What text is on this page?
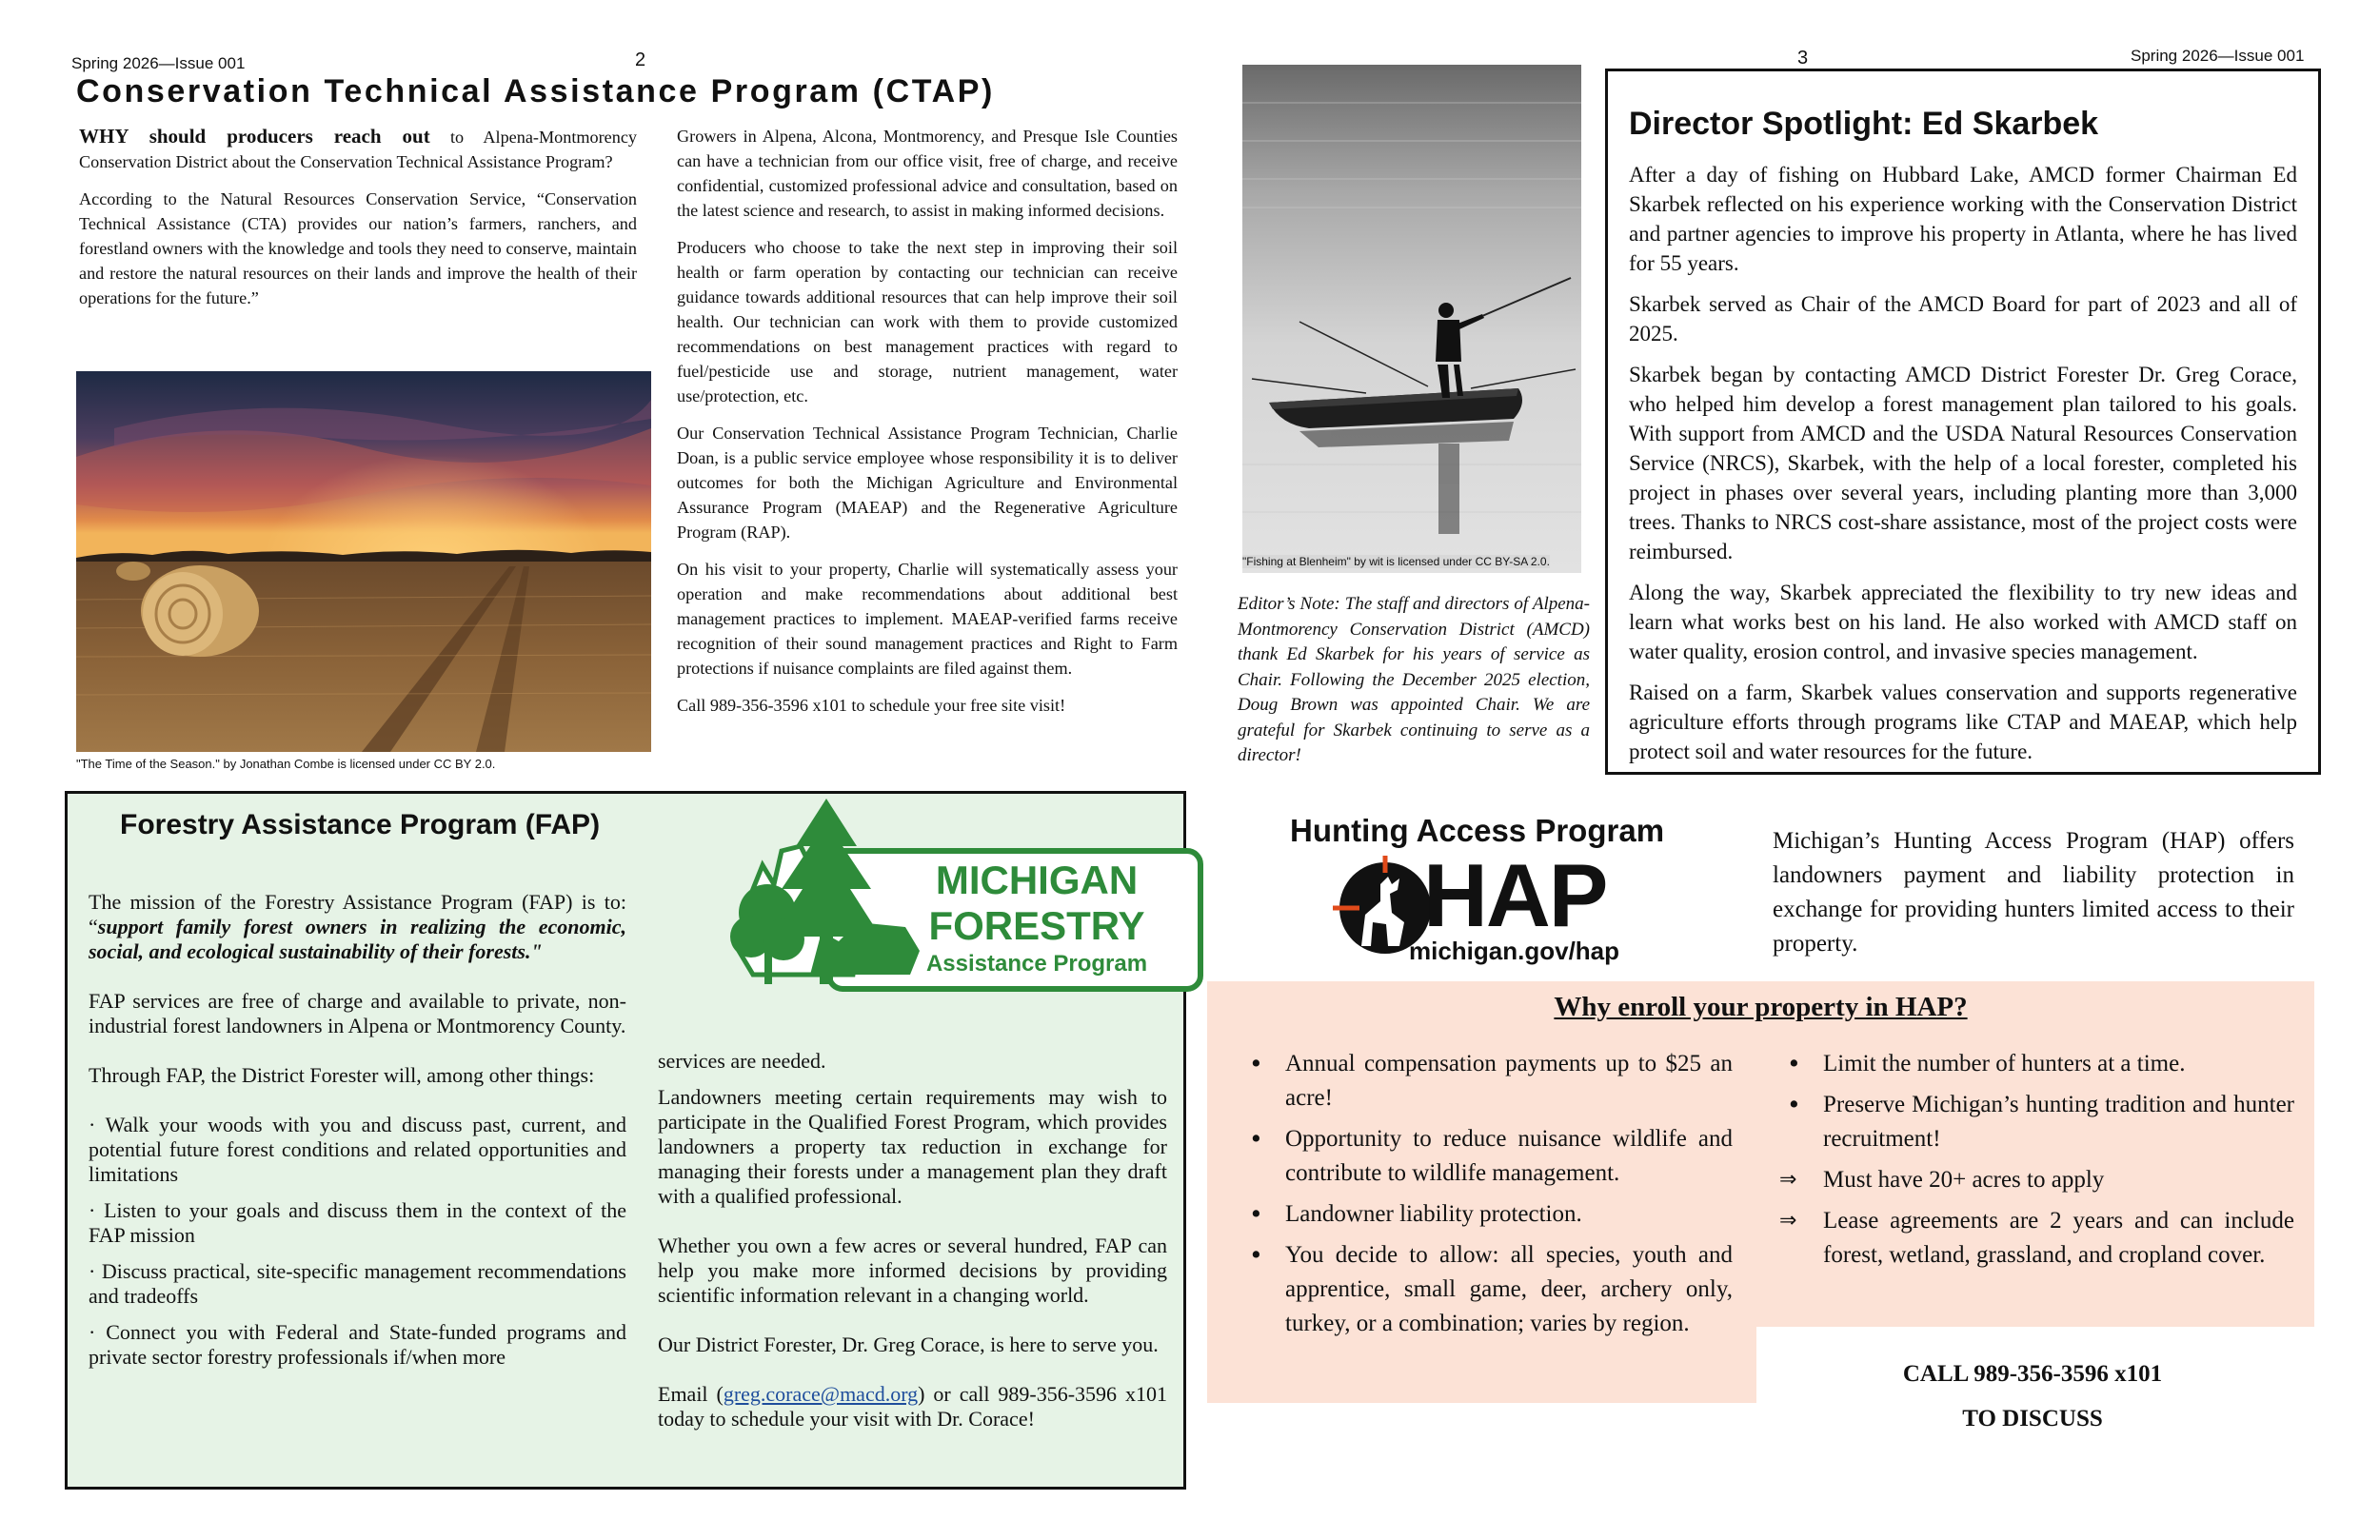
Spring 2026—Issue 001	2	3	Spring 2026—Issue 001
Conservation Technical Assistance Program (CTAP)

WHY should producers reach out to Alpena-Montmorency Conservation District about the Conservation Technical Assistance Program?

According to the Natural Resources Conservation Service, “Conservation Technical Assistance (CTA) provides our nation’s farmers, ranchers, and forestland owners with the knowledge and tools they need to conserve, maintain and restore the natural resources on their lands and improve the health of their operations for the future.”

"The Time of the Season." by Jonathan Combe is licensed under CC BY 2.0.

Growers in Alpena, Alcona, Montmorency, and Presque Isle Counties can have a technician from our office visit, free of charge, and receive confidential, customized professional advice and consultation, based on the latest science and research, to assist in making informed decisions.

Producers who choose to take the next step in improving their soil health or farm operation by contacting our technician can receive guidance towards additional resources that can help improve their soil health. Our technician can work with them to provide customized recommendations on best management practices with regard to fuel/pesticide use and storage, nutrient management, water use/protection, etc.

Our Conservation Technical Assistance Program Technician, Charlie Doan, is a public service employee whose responsibility it is to deliver outcomes for both the Michigan Agriculture and Environmental Assurance Program (MAEAP) and the Regenerative Agriculture Program (RAP).

On his visit to your property, Charlie will systematically assess your operation and make recommendations about additional best management practices to implement. MAEAP-verified farms receive recognition of their sound management practices and Right to Farm protections if nuisance complaints are filed against them.

Call 989-356-3596 x101 to schedule your free site visit!

"Fishing at Blenheim" by wit is licensed under CC BY-SA 2.0.
Editor’s Note: The staff and directors of Alpena-Montmorency Conservation District (AMCD) thank Ed Skarbek for his years of service as Chair. Following the December 2025 election, Doug Brown was appointed Chair. We are grateful for Skarbek continuing to serve as a director!
Director Spotlight: Ed Skarbek

After a day of fishing on Hubbard Lake, AMCD former Chairman Ed Skarbek reflected on his experience working with the Conservation District and partner agencies to improve his property in Atlanta, where he has lived for 55 years.

Skarbek served as Chair of the AMCD Board for part of 2023 and all of 2025.

Skarbek began by contacting AMCD District Forester Dr. Greg Corace, who helped him develop a forest management plan tailored to his goals. With support from AMCD and the USDA Natural Resources Conservation Service (NRCS), Skarbek, with the help of a local forester, completed his project in phases over several years, including planting more than 3,000 trees. Thanks to NRCS cost-share assistance, most of the project costs were reimbursed.

Along the way, Skarbek appreciated the flexibility to try new ideas and learn what works best on his land. He also worked with AMCD staff on water quality, erosion control, and invasive species management.

Raised on a farm, Skarbek values conservation and supports regenerative agriculture efforts through programs like CTAP and MAEAP, which help protect soil and water resources for the future.

Forestry Assistance Program (FAP)
MICHIGAN
FORESTRY
Assistance Program

The mission of the Forestry Assistance Program (FAP) is to: “support family forest owners in realizing the economic, social, and ecological sustainability of their forests."

FAP services are free of charge and available to private, non-industrial forest landowners in Alpena or Montmorency County.

Through FAP, the District Forester will, among other things:

· Walk your woods with you and discuss past, current, and potential future forest conditions and related opportunities and limitations

· Listen to your goals and discuss them in the context of the FAP mission

· Discuss practical, site-specific management recommendations and tradeoffs

· Connect you with Federal and State-funded programs and private sector forestry professionals if/when more

services are needed.

Landowners meeting certain requirements may wish to participate in the Qualified Forest Program, which provides landowners a property tax reduction in exchange for managing their forests under a management plan they draft with a qualified professional.

Whether you own a few acres or several hundred, FAP can help you make more informed decisions by providing scientific information relevant in a changing world.

Our District Forester, Dr. Greg Corace, is here to serve you.

Email (greg.corace@macd.org) or call 989-356-3596 x101 today to schedule your visit with Dr. Corace!

Hunting Access Program
HAP
michigan.gov/hap
Michigan’s Hunting Access Program (HAP) offers landowners payment and liability protection in exchange for providing hunters limited access to their property.
Why enroll your property in HAP?
• Annual compensation payments up to $25 an acre!
• Opportunity to reduce nuisance wildlife and contribute to wildlife management.
• Landowner liability protection.
• You decide to allow: all species, youth and apprentice, small game, deer, archery only, turkey, or a combination; varies by region.
• Limit the number of hunters at a time.
• Preserve Michigan’s hunting tradition and hunter recruitment!
⇒ Must have 20+ acres to apply
⇒ Lease agreements are 2 years and can include forest, wetland, grassland, and cropland cover.
CALL 989-356-3596 x101
TO DISCUSS
